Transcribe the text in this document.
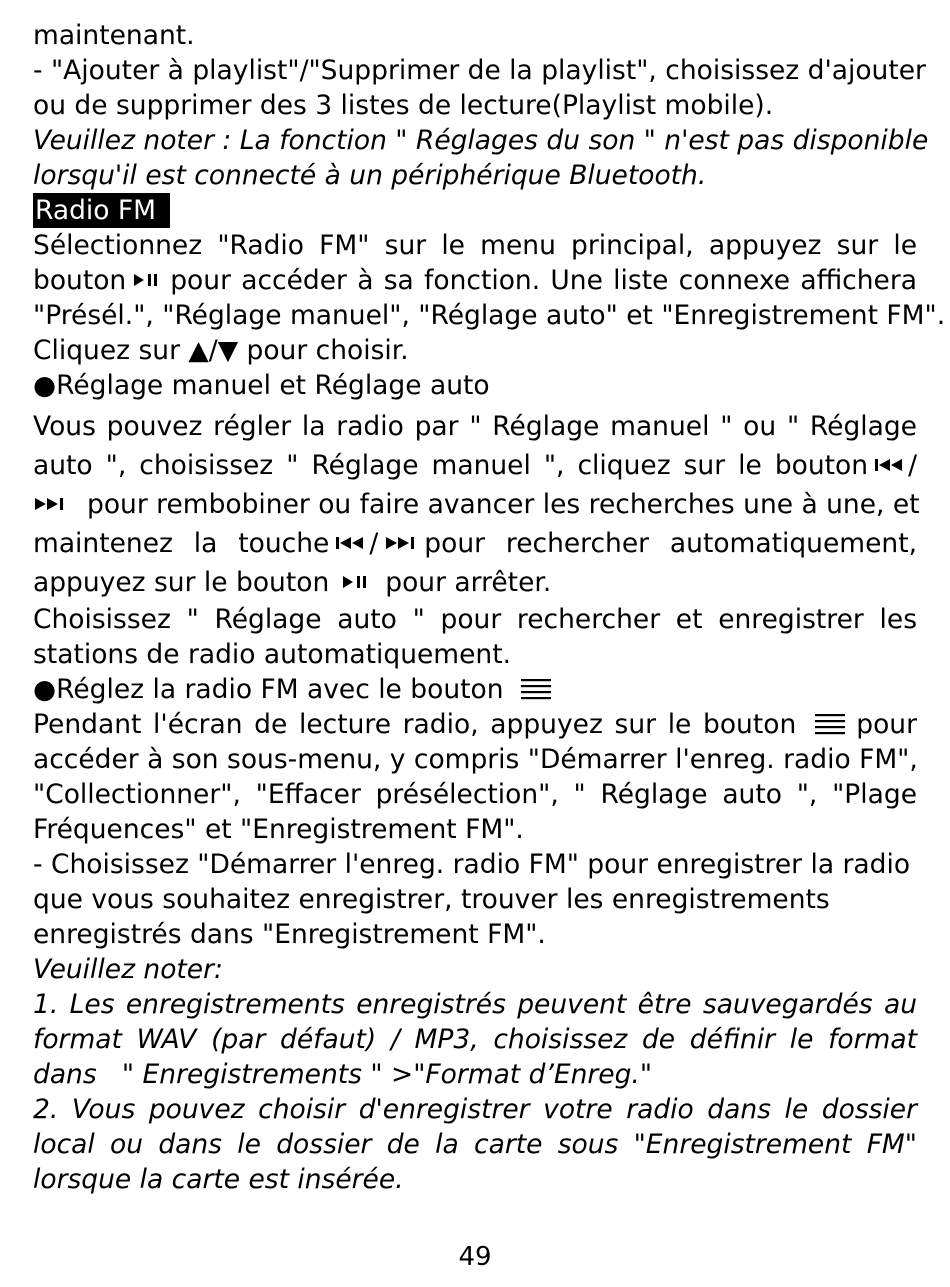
maintenant.
- "Ajouter à playlist"/"Supprimer de la playlist", choisissez d'ajouter
ou de supprimer des 3 listes de lecture(Playlist mobile).
Veuillez noter : La fonction " Réglages du son " n'est pas disponible
lorsqu'il est connecté à un périphérique Bluetooth.
Radio FM
Sélectionnez "Radio FM" sur le menu principal, appuyez sur le
bouton pour accéder à sa fonction. Une liste connexe affichera
"Présél.", "Réglage manuel", "Réglage auto" et "Enregistrement FM".
Cliquez sur ▲/▼ pour choisir.
●Réglage manuel et Réglage auto
Vous pouvez régler la radio par " Réglage manuel " ou " Réglage
auto ", choisissez " Réglage manuel ", cliquez sur le bouton /
pour rembobiner ou faire avancer les recherches une à une, et
maintenez la touche / pour rechercher automatiquement,
appuyez sur le bouton pour arrêter.
Choisissez " Réglage auto " pour rechercher et enregistrer les
stations de radio automatiquement.
●Réglez la radio FM avec le bouton
Pendant l'écran de lecture radio, appuyez sur le bouton pour
accéder à son sous-menu, y compris "Démarrer l'enreg. radio FM",
"Collectionner", "Effacer présélection", " Réglage auto ", "Plage
Fréquences" et "Enregistrement FM".
- Choisissez "Démarrer l'enreg. radio FM" pour enregistrer la radio
que vous souhaitez enregistrer, trouver les enregistrements
enregistrés dans "Enregistrement FM".
Veuillez noter:
1. Les enregistrements enregistrés peuvent être sauvegardés au
format WAV (par défaut) / MP3, choisissez de définir le format
dans   " Enregistrements " >"Format d’Enreg."
2. Vous pouvez choisir d'enregistrer votre radio dans le dossier
local ou dans le dossier de la carte sous "Enregistrement FM"
lorsque la carte est insérée.
49
